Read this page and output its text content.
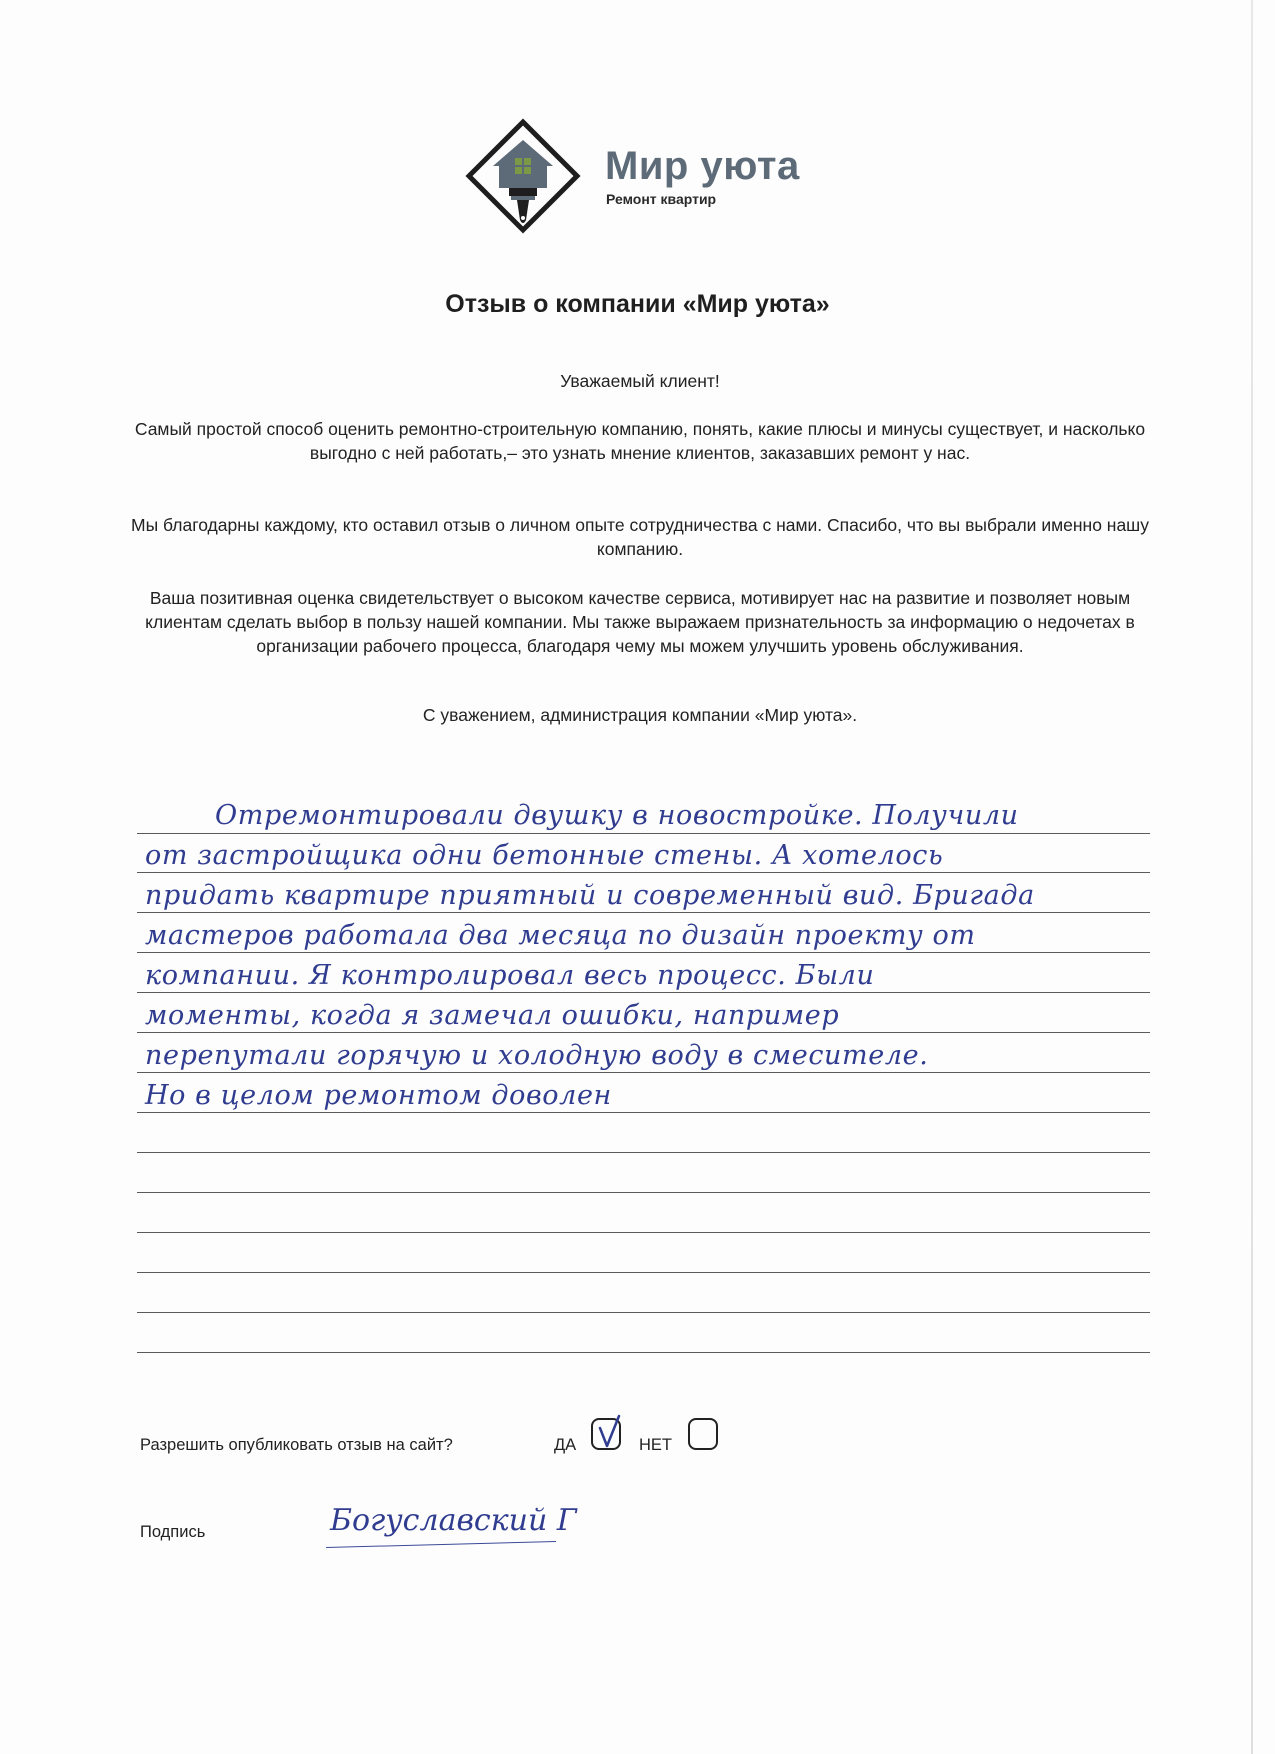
Мир уюта
Ремонт квартир
Отзыв о компании «Мир уюта»
Уважаемый клиент!
Самый простой способ оценить ремонтно-строительную компанию, понять, какие плюсы и минусы существует, и насколько выгодно с ней работать,– это узнать мнение клиентов, заказавших ремонт у нас.
Мы благодарны каждому, кто оставил отзыв о личном опыте сотрудничества с нами. Спасибо, что вы выбрали именно нашу компанию.
Ваша позитивная оценка свидетельствует о высоком качестве сервиса, мотивирует нас на развитие и позволяет новым клиентам сделать выбор в пользу нашей компании. Мы также выражаем признательность за информацию о недочетах в организации рабочего процесса, благодаря чему мы можем улучшить уровень обслуживания.
С уважением, администрация компании «Мир уюта».
Отремонтировали двушку в новостройке. Получили
от застройщика одни бетонные стены. А хотелось
придать квартире приятный и современный вид. Бригада
мастеров работала два месяца по дизайн проекту от
компании. Я контролировал весь процесс. Были
моменты, когда я замечал ошибки, например
перепутали горячую и холодную воду в смесителе.
Но в целом ремонтом доволен
Разрешить опубликовать отзыв на сайт?	ДА	НЕТ
Подпись	Богуславский Г
